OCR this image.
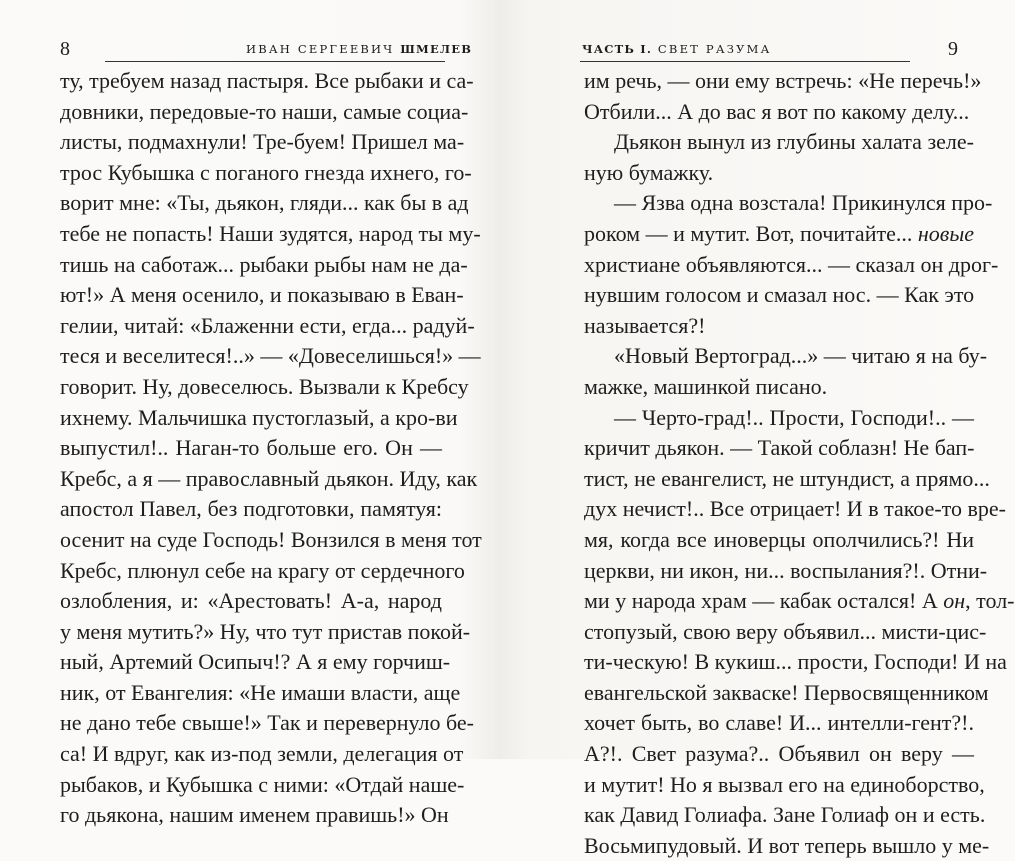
8	ИВАН СЕРГЕЕВИЧ ШМЕЛЕВ
ту, требуем назад пастыря. Все рыбаки и са-
довники, передовые-то наши, самые социа-
листы, подмахнули! Тре-буем! Пришел ма-
трос Кубышка с поганого гнезда ихнего, го-
ворит мне: «Ты, дьякон, гляди... как бы в ад
тебе не попасть! Наши зудятся, народ ты му-
тишь на саботаж... рыбаки рыбы нам не да-
ют!» А меня осенило, и показываю в Еван-
гелии, читай: «Блаженни ести, егда... радуй-
теся и веселитеся!..» — «Довеселишься!» —
говорит. Ну, довеселюсь. Вызвали к Кребсу
ихнему. Мальчишка пустоглазый, а кро-ви
выпустил!.. Наган-то больше его. Он —
Кребс, а я — православный дьякон. Иду, как
апостол Павел, без подготовки, памятуя:
осенит на суде Господь! Вонзился в меня тот
Кребс, плюнул себе на крагу от сердечного
озлобления, и: «Арестовать! А-а, народ
у меня мутить?» Ну, что тут пристав покой-
ный, Артемий Осипыч!? А я ему горчиш-
ник, от Евангелия: «Не имаши власти, аще
не дано тебе свыше!» Так и перевернуло бе-
са! И вдруг, как из-под земли, делегация от
рыбаков, и Кубышка с ними: «Отдай наше-
го дьякона, нашим именем правишь!» Он
9
ЧАСТЬ I. СВЕТ РАЗУМА
им речь, — они ему встречь: «Не перечь!»
Отбили... А до вас я вот по какому делу...
Дьякон вынул из глубины халата зеле-
ную бумажку.
— Язва одна возстала! Прикинулся про-
роком — и мутит. Вот, почитайте... новые
христиане объявляются... — сказал он дрог-
нувшим голосом и смазал нос. — Как это
называется?!
«Новый Вертоград...» — читаю я на бу-
мажке, машинкой писано.
— Черто-град!.. Прости, Господи!.. —
кричит дьякон. — Такой соблазн! Не бап-
тист, не евангелист, не штундист, а прямо...
дух нечист!.. Все отрицает! И в такое-то вре-
мя, когда все иноверцы ополчились?! Ни
церкви, ни икон, ни... воспылания?!. Отни-
ми у народа храм — кабак остался! А он, тол-
стопузый, свою веру объявил... мисти-цис-
ти-ческую! В кукиш... прости, Господи! И на
евангельской закваске! Первосвященником
хочет быть, во славе! И... интелли-гент?!.
А?!. Свет разума?.. Объявил он веру —
и мутит! Но я вызвал его на единоборство,
как Давид Голиафа. Зане Голиаф он и есть.
Восьмипудовый. И вот теперь вышло у ме-
